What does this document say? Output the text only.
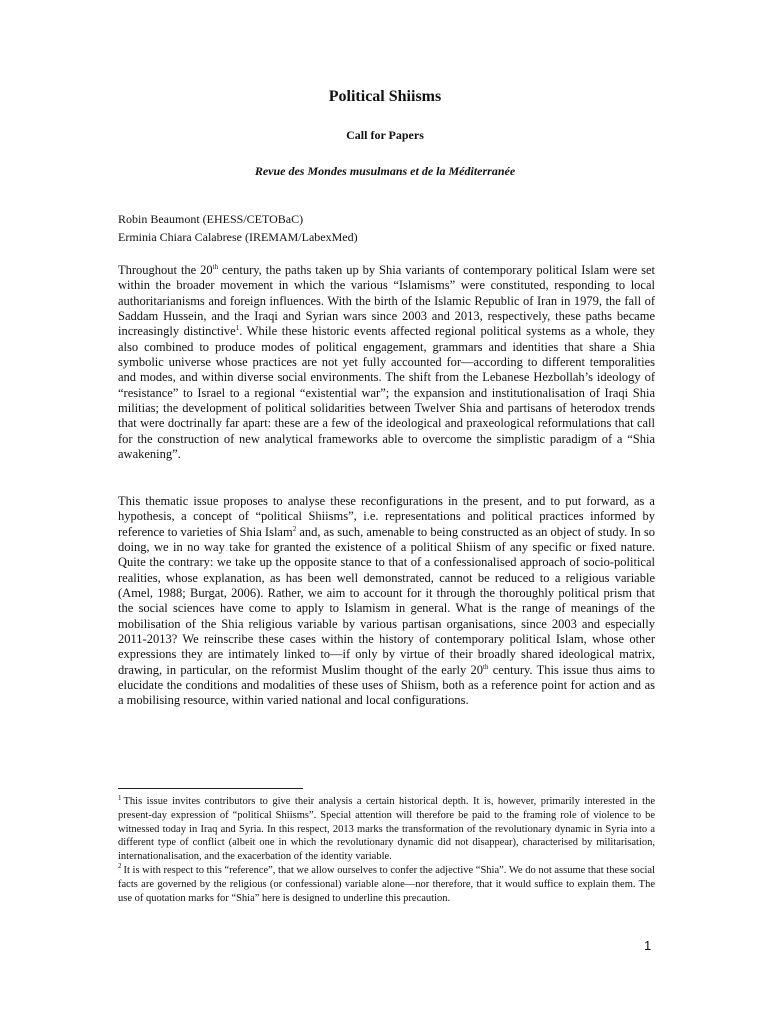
Political Shiisms
Call for Papers
Revue des Mondes musulmans et de la Méditerranée
Robin Beaumont (EHESS/CETOBaC)
Erminia Chiara Calabrese (IREMAM/LabexMed)

Throughout the 20th century, the paths taken up by Shia variants of contemporary political Islam were set within the broader movement in which the various “Islamisms” were constituted, responding to local authoritarianisms and foreign influences. With the birth of the Islamic Republic of Iran in 1979, the fall of Saddam Hussein, and the Iraqi and Syrian wars since 2003 and 2013, respectively, these paths became increasingly distinctive$^1$. While these historic events affected regional political systems as a whole, they also combined to produce modes of political engagement, grammars and identities that share a Shia symbolic universe whose practices are not yet fully accounted for—according to different temporalities and modes, and within diverse social environments. The shift from the Lebanese Hezbollah’s ideology of “resistance” to Israel to a regional “existential war”; the expansion and institutionalisation of Iraqi Shia militias; the development of political solidarities between Twelver Shia and partisans of heterodox trends that were doctrinally far apart: these are a few of the ideological and praxeological reformulations that call for the construction of new analytical frameworks able to overcome the simplistic paradigm of a “Shia awakening”.

This thematic issue proposes to analyse these reconfigurations in the present, and to put forward, as a hypothesis, a concept of “political Shiisms”, i.e. representations and political practices informed by reference to varieties of Shia Islam$^2$ and, as such, amenable to being constructed as an object of study. In so doing, we in no way take for granted the existence of a political Shiism of any specific or fixed nature. Quite the contrary: we take up the opposite stance to that of a confessionalised approach of socio-political realities, whose explanation, as has been well demonstrated, cannot be reduced to a religious variable (Amel, 1988; Burgat, 2006). Rather, we aim to account for it through the thoroughly political prism that the social sciences have come to apply to Islamism in general. What is the range of meanings of the mobilisation of the Shia religious variable by various partisan organisations, since 2003 and especially 2011-2013? We reinscribe these cases within the history of contemporary political Islam, whose other expressions they are intimately linked to—if only by virtue of their broadly shared ideological matrix, drawing, in particular, on the reformist Muslim thought of the early 20th century. This issue thus aims to elucidate the conditions and modalities of these uses of Shiism, both as a reference point for action and as a mobilising resource, within varied national and local configurations.

$^1$ This issue invites contributors to give their analysis a certain historical depth. It is, however, primarily interested in the present-day expression of “political Shiisms”. Special attention will therefore be paid to the framing role of violence to be witnessed today in Iraq and Syria. In this respect, 2013 marks the transformation of the revolutionary dynamic in Syria into a different type of conflict (albeit one in which the revolutionary dynamic did not disappear), characterised by militarisation, internationalisation, and the exacerbation of the identity variable.

$^2$ It is with respect to this “reference”, that we allow ourselves to confer the adjective “Shia”. We do not assume that these social facts are governed by the religious (or confessional) variable alone—nor therefore, that it would suffice to explain them. The use of quotation marks for “Shia” here is designed to underline this precaution.

1
